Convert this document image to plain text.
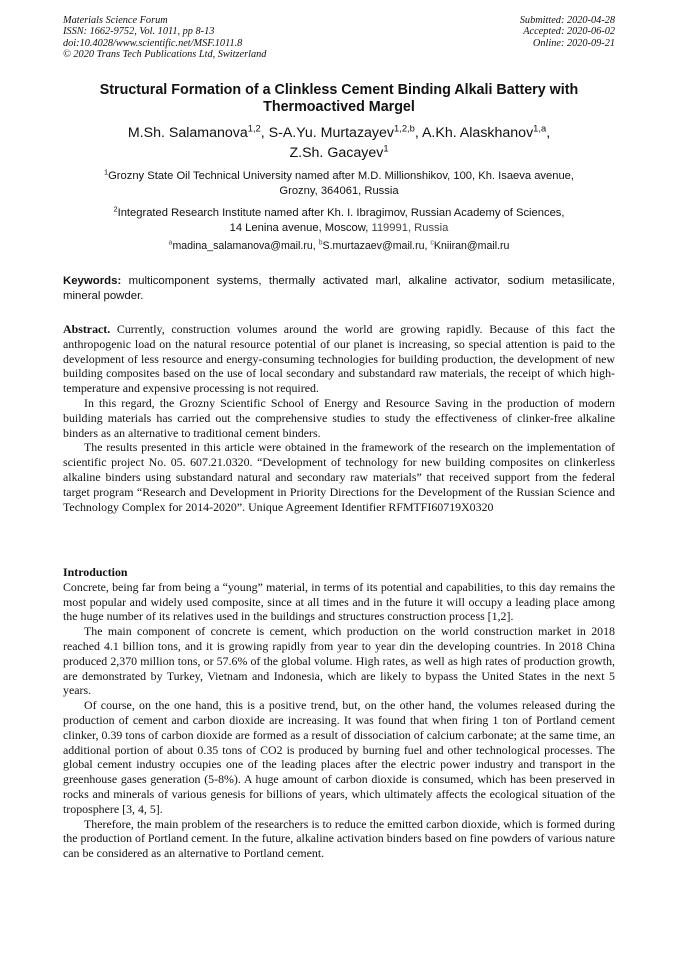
Materials Science Forum
ISSN: 1662-9752, Vol. 1011, pp 8-13
doi:10.4028/www.scientific.net/MSF.1011.8
© 2020 Trans Tech Publications Ltd, Switzerland
Submitted: 2020-04-28
Accepted: 2020-06-02
Online: 2020-09-21
Structural Formation of a Clinkless Cement Binding Alkali Battery with Thermoactived Margel
M.Sh. Salamanova$^{1,2}$, S-A.Yu. Murtazayev$^{1,2,b}$, A.Kh. Alaskhanov$^{1,a}$,
Z.Sh. Gacayev$^1$
$^1$Grozny State Oil Technical University named after M.D. Millionshikov, 100, Kh. Isaeva avenue,
Grozny, 364061, Russia
$^2$Integrated Research Institute named after Kh. I. Ibragimov, Russian Academy of Sciences,
14 Lenina avenue, Moscow, 119991, Russia
$^a$madina_salamanova@mail.ru, $^b$S.murtazaev@mail.ru, $^c$Kniiran@mail.ru
Keywords: multicomponent systems, thermally activated marl, alkaline activator, sodium metasilicate, mineral powder.

Abstract. Currently, construction volumes around the world are growing rapidly. Because of this fact the anthropogenic load on the natural resource potential of our planet is increasing, so special attention is paid to the development of less resource and energy-consuming technologies for building production, the development of new building composites based on the use of local secondary and substandard raw materials, the receipt of which high-temperature and expensive processing is not required.

In this regard, the Grozny Scientific School of Energy and Resource Saving in the production of modern building materials has carried out the comprehensive studies to study the effectiveness of clinker-free alkaline binders as an alternative to traditional cement binders.

The results presented in this article were obtained in the framework of the research on the implementation of scientific project No. 05. 607.21.0320. “Development of technology for new building composites on clinkerless alkaline binders using substandard natural and secondary raw materials” that received support from the federal target program “Research and Development in Priority Directions for the Development of the Russian Science and Technology Complex for 2014-2020”. Unique Agreement Identifier RFMTFI60719X0320

Introduction

Concrete, being far from being a “young” material, in terms of its potential and capabilities, to this day remains the most popular and widely used composite, since at all times and in the future it will occupy a leading place among the huge number of its relatives used in the buildings and structures construction process [1,2].

The main component of concrete is cement, which production on the world construction market in 2018 reached 4.1 billion tons, and it is growing rapidly from year to year din the developing countries. In 2018 China produced 2,370 million tons, or 57.6% of the global volume. High rates, as well as high rates of production growth, are demonstrated by Turkey, Vietnam and Indonesia, which are likely to bypass the United States in the next 5 years.

Of course, on the one hand, this is a positive trend, but, on the other hand, the volumes released during the production of cement and carbon dioxide are increasing. It was found that when firing 1 ton of Portland cement clinker, 0.39 tons of carbon dioxide are formed as a result of dissociation of calcium carbonate; at the same time, an additional portion of about 0.35 tons of CO2 is produced by burning fuel and other technological processes. The global cement industry occupies one of the leading places after the electric power industry and transport in the greenhouse gases generation (5-8%). A huge amount of carbon dioxide is consumed, which has been preserved in rocks and minerals of various genesis for billions of years, which ultimately affects the ecological situation of the troposphere [3, 4, 5].

Therefore, the main problem of the researchers is to reduce the emitted carbon dioxide, which is formed during the production of Portland cement. In the future, alkaline activation binders based on fine powders of various nature can be considered as an alternative to Portland cement.
